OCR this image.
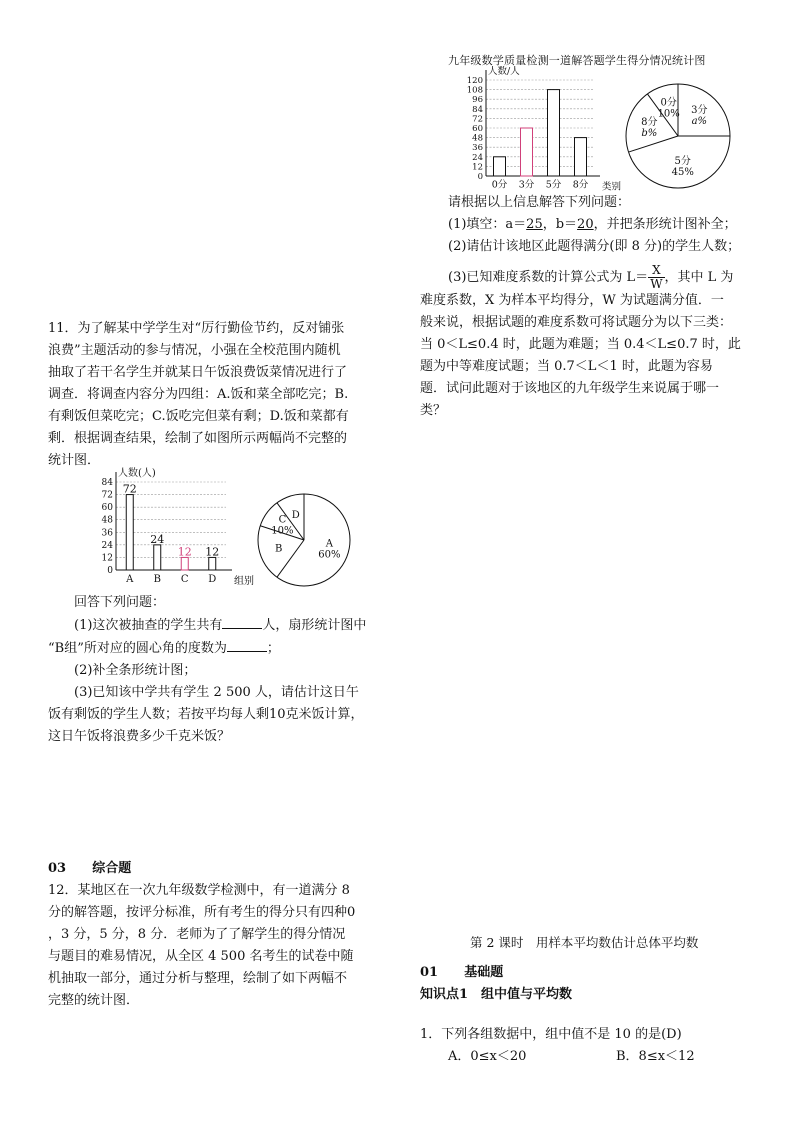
11．为了解某中学学生对“厉行勤俭节约，反对铺张
浪费”主题活动的参与情况，小强在全校范围内随机
抽取了若干名学生并就某日午饭浪费饭菜情况进行了
调查．将调查内容分为四组：A.饭和菜全部吃完；B.
有剩饭但菜吃完；C.饭吃完但菜有剩；D.饭和菜都有
剩．根据调查结果，绘制了如图所示两幅尚不完整的
统计图．
0
12
24
36
48
60
72
84
人数(人)
组别
A
72
B
24
C
12
D
12
A 60%
B
C 10%
D
回答下列问题：
(1)这次被抽查的学生共有	人，扇形统计图中
“B组”所对应的圆心角的度数为	；
(2)补全条形统计图；
(3)已知该中学共有学生 2 500 人，请估计这日午
饭有剩饭的学生人数；若按平均每人剩10克米饭计算，
这日午饭将浪费多少千克米饭？
03 综合题
12．某地区在一次九年级数学检测中，有一道满分 8
分的解答题，按评分标准，所有考生的得分只有四种0
，3 分，5 分，8 分．老师为了了解学生的得分情况
与题目的难易情况，从全区 4 500 名考生的试卷中随
机抽取一部分，通过分析与整理，绘制了如下两幅不
完整的统计图．
九年级数学质量检测一道解答题学生得分情况统计图
0
12
24
36
48
60
72
84
96
108
120
人数/人
类别
0分 3分 5分 8分
0分 10% 3分 a%
5分 45%
8分 b%
请根据以上信息解答下列问题：
(1)填空：a＝25，b＝20，并把条形统计图补全；
(2)请估计该地区此题得满分(即 8 分)的学生人数；
(3)已知难度系数的计算公式为 $L= \frac{X}{W}$ ，其中 L 为
难度系数，X 为样本平均得分，W 为试题满分值．一
般来说，根据试题的难度系数可将试题分为以下三类：
当 0＜L≤0.4 时，此题为难题；当 0.4＜L≤0.7 时，此
题为中等难度试题；当 0.7＜L＜1 时，此题为容易
题．试问此题对于该地区的九年级学生来说属于哪一
类？
第 2 课时　用样本平均数估计总体平均数
01 基础题
知识点1　组中值与平均数
1．下列各组数据中，组中值不是 10 的是(D)
A．0≤x＜20	B．8≤x＜12
